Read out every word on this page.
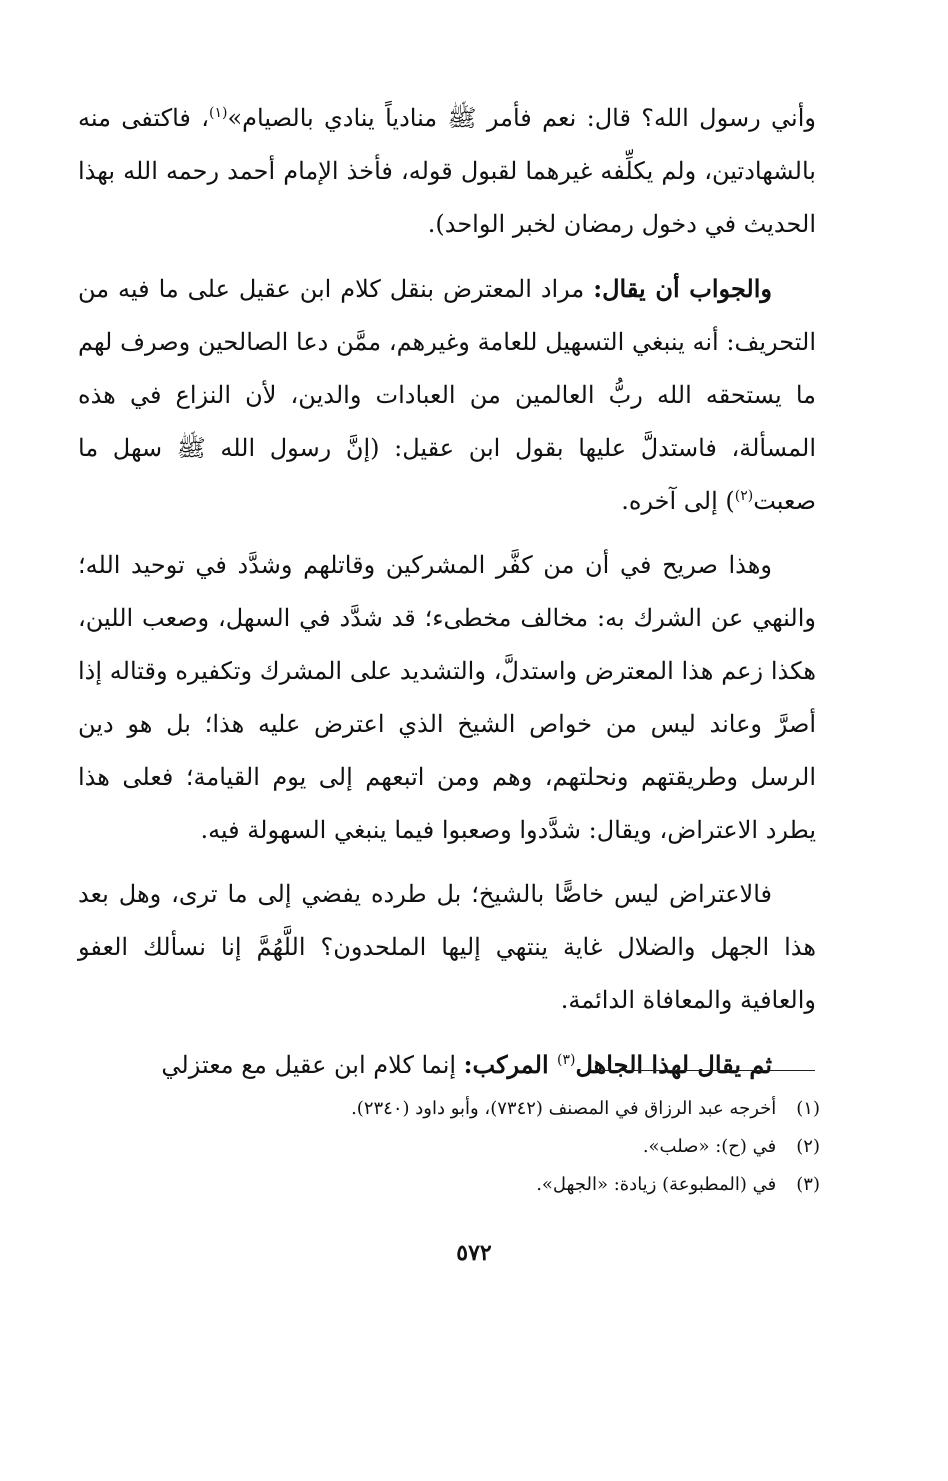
وأني رسول الله؟ قال: نعم فأمر ﷺ منادياً ينادي بالصيام»$^{(١)}$، فاكتفى منه بالشهادتين، ولم يكلِّفه غيرهما لقبول قوله، فأخذ الإمام أحمد رحمه الله بهذا الحديث في دخول رمضان لخبر الواحد).

والجواب أن يقال: مراد المعترض بنقل كلام ابن عقيل على ما فيه من التحريف: أنه ينبغي التسهيل للعامة وغيرهم، ممَّن دعا الصالحين وصرف لهم ما يستحقه الله ربُّ العالمين من العبادات والدين، لأن النزاع في هذه المسألة، فاستدلَّ عليها بقول ابن عقيل: (إنَّ رسول الله ﷺ سهل ما صعبت$^{(٢)}$) إلى آخره.

وهذا صريح في أن من كفَّر المشركين وقاتلهم وشدَّد في توحيد الله؛ والنهي عن الشرك به: مخالف مخطىء؛ قد شدَّد في السهل، وصعب اللين، هكذا زعم هذا المعترض واستدلَّ، والتشديد على المشرك وتكفيره وقتاله إذا أصرَّ وعاند ليس من خواص الشيخ الذي اعترض عليه هذا؛ بل هو دين الرسل وطريقتهم ونحلتهم، وهم ومن اتبعهم إلى يوم القيامة؛ فعلى هذا يطرد الاعتراض، ويقال: شدَّدوا وصعبوا فيما ينبغي السهولة فيه.

فالاعتراض ليس خاصًّا بالشيخ؛ بل طرده يفضي إلى ما ترى، وهل بعد هذا الجهل والضلال غاية ينتهي إليها الملحدون؟ اللَّهُمَّ إنا نسألك العفو والعافية والمعافاة الدائمة.

ثم يقال لهذا الجاهل$^{(٣)}$ المركب: إنما كلام ابن عقيل مع معتزلي

(١) أخرجه عبد الرزاق في المصنف (٧٣٤٢)، وأبو داود (٢٣٤٠).
(٢) في (ح): «صلب».
(٣) في (المطبوعة) زيادة: «الجهل».
٥٧٢
